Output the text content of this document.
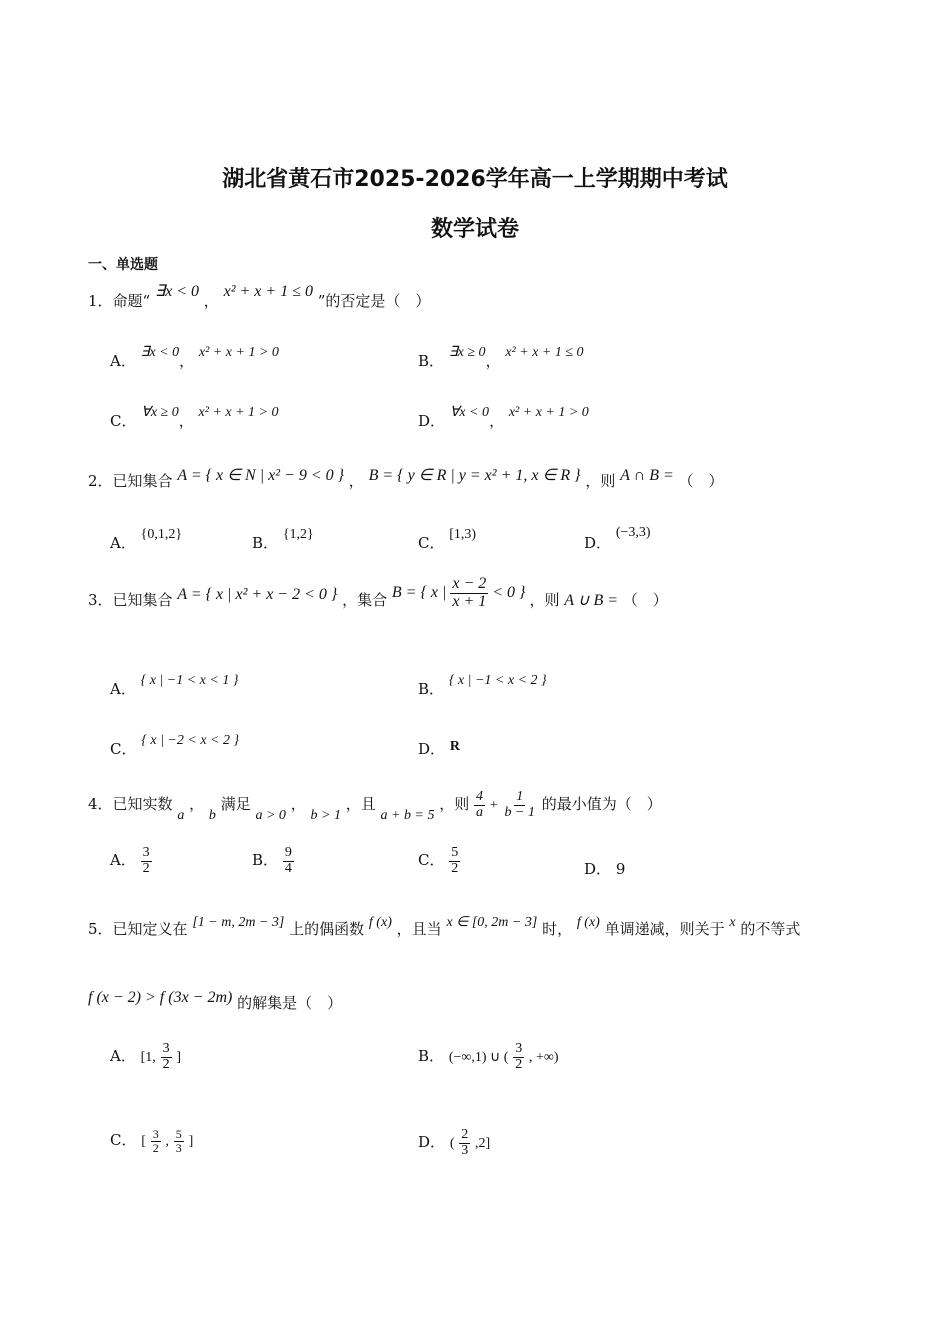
湖北省黄石市2025-2026学年高一上学期期中考试
数学试卷
一、单选题
1．命题“ ∃x < 0 ， x² + x + 1 ≤ 0 ”的否定是（　）
A． ∃x < 0， x² + x + 1 > 0	B． ∃x ≥ 0， x² + x + 1 ≤ 0
C． ∀x ≥ 0， x² + x + 1 > 0	D． ∀x < 0， x² + x + 1 > 0
2．已知集合 A = { x ∈ N | x² − 9 < 0 } ， B = { y ∈ R | y = x² + 1, x ∈ R } ，则 A ∩ B = （　）
A． {0,1,2}	B． {1,2}	C． [1,3)	D． (−3,3)
3．已知集合 A = { x | x² + x − 2 < 0 } ，集合 B = { x | $\frac{x - 2}{x + 1} < 0$ } ，则 A ∪ B = （　）
A． { x | −1 < x < 1 }	B． { x | −1 < x < 2 }
C． { x | −2 < x < 2 }	D． R
4．已知实数 a ， b 满足 a > 0 ， b > 1 ，且 a + b = 5 ，则 $\frac{4}{a} + \frac{1}{b - 1}$ 的最小值为（　）
A． $\frac{3}{2}$	B． $\frac{9}{4}$	C． $\frac{5}{2}$	D． 9
5．已知定义在 [1 − m, 2m − 3] 上的偶函数 f (x) ，且当 x ∈ [0, 2m − 3] 时， f (x) 单调递减，则关于 x 的不等式
f (x − 2) > f (3x − 2m) 的解集是（　）
A． [1, $\frac{3}{2}$ ]	B． (−∞,1) ∪ ( $\frac{3}{2}$ , +∞)
C． [ $\frac{3}{2}$ , $\frac{5}{3}$ ]	D． ( $\frac{2}{3} ,2$]
